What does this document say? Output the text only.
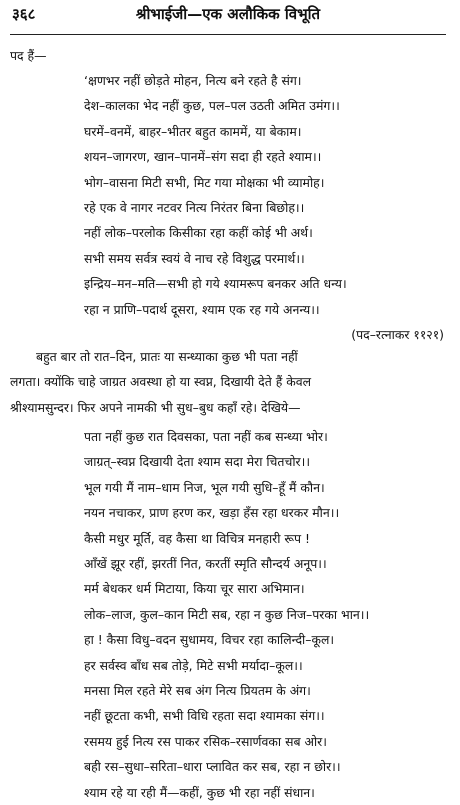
३६८	श्रीभाईजी—एक अलौकिक विभूति
पद हैं—
‘क्षणभर नहीं छोड़ते मोहन, नित्य बने रहते है संग।
देश–कालका भेद नहीं कुछ, पल–पल उठती अमित उमंग।।
घरमें–वनमें, बाहर–भीतर बहुत काममें, या बेकाम।
शयन–जागरण, खान–पानमें–संग सदा ही रहते श्याम।।
भोग–वासना मिटी सभी, मिट गया मोक्षका भी व्यामोह।
रहे एक वे नागर नटवर नित्य निरंतर बिना बिछोह।।
नहीं लोक–परलोक किसीका रहा कहीं कोई भी अर्थ।
सभी समय सर्वत्र स्वयं वे नाच रहे विशुद्ध परमार्थ।।
इन्द्रिय–मन–मति—सभी हो गये श्यामरूप बनकर अति धन्य।
रहा न प्राणि–पदार्थ दूसरा, श्याम एक रह गये अनन्य।।
(पद–रत्नाकर ११२१)
बहुत बार तो रात–दिन, प्रातः या सन्ध्याका कुछ भी पता नहीं
लगता। क्योंकि चाहे जाग्रत अवस्था हो या स्वप्न, दिखायी देते हैं केवल
श्रीश्यामसुन्दर। फिर अपने नामकी भी सुध–बुध कहाँ रहे। देखिये—
पता नहीं कुछ रात दिवसका, पता नहीं कब सन्ध्या भोर।
जाग्रत्–स्वप्न दिखायी देता श्याम सदा मेरा चितचोर।।
भूल गयी मैं नाम–धाम निज, भूल गयी सुधि–हूँ मैं कौन।
नयन नचाकर, प्राण हरण कर, खड़ा हँस रहा धरकर मौन।।
कैसी मधुर मूर्ति, वह कैसा था विचित्र मनहारी रूप !
आँखें झूर रहीं, झरतीं नित, करतीं स्मृति सौन्दर्य अनूप।।
मर्म बेधकर धर्म मिटाया, किया चूर सारा अभिमान।
लोक–लाज, कुल–कान मिटी सब, रहा न कुछ निज–परका भान।।
हा ! कैसा विधु–वदन सुधामय, विचर रहा कालिन्दी–कूल।
हर सर्वस्व बाँध सब तोड़े, मिटे सभी मर्यादा–कूल।।
मनसा मिल रहते मेरे सब अंग नित्य प्रियतम के अंग।
नहीं छूटता कभी, सभी विधि रहता सदा श्यामका संग।।
रसमय हुई नित्य रस पाकर रसिक–रसार्णवका सब ओर।
बही रस–सुधा–सरिता–धारा प्लावित कर सब, रहा न छोर।।
श्याम रहे या रही मैं—कहीं, कुछ भी रहा नहीं संधान।
